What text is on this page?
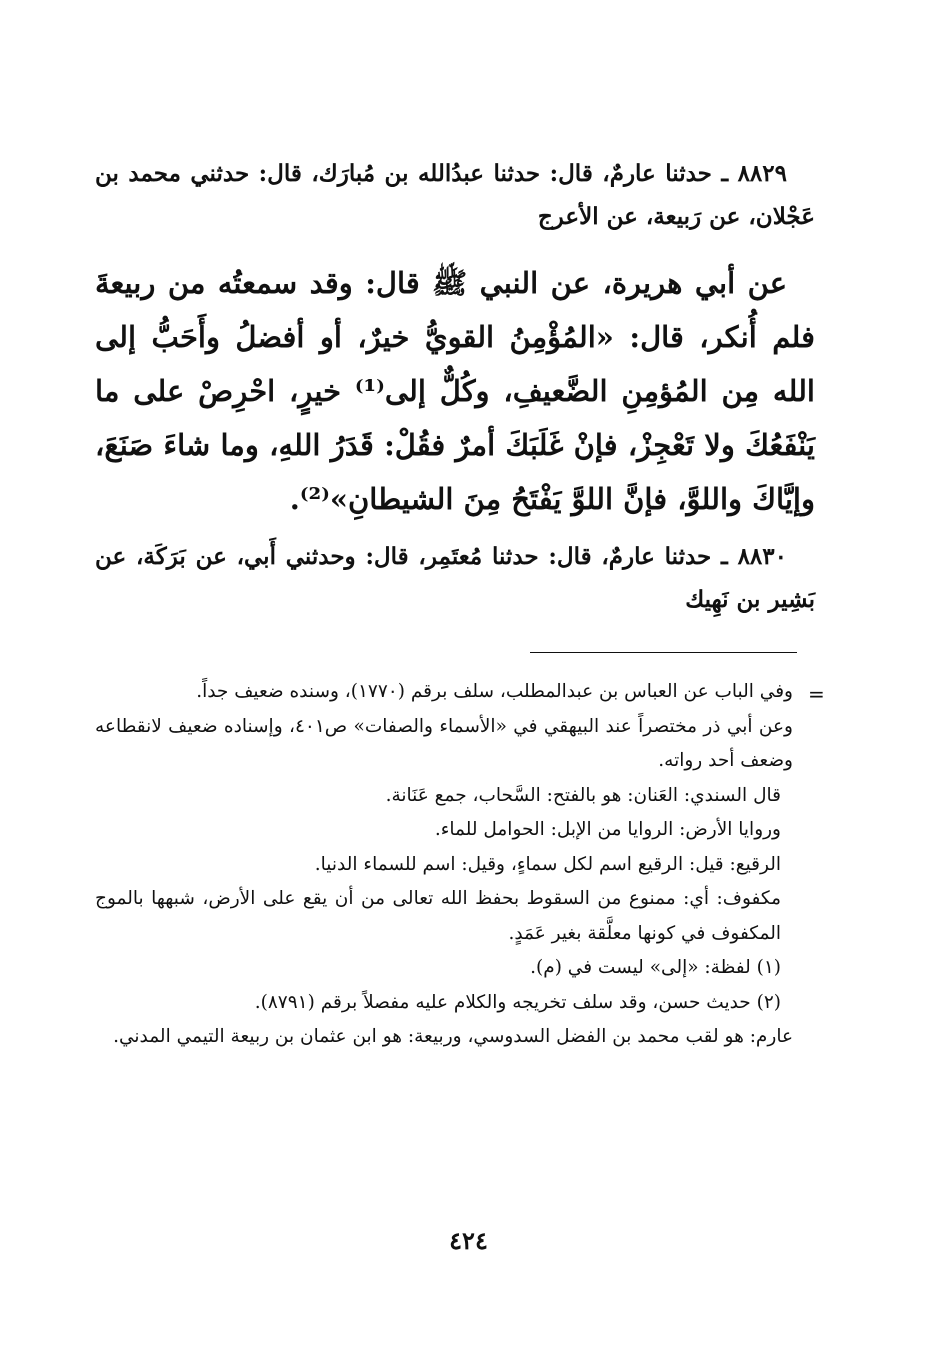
٨٨٢٩ ـ حدثنا عارمٌ، قال: حدثنا عبدُالله بن مُبارَك، قال: حدثني محمد بن عَجْلان، عن رَبيعة، عن الأعرج

عن أبي هريرة، عن النبي ﷺ قال: وقد سمعتُه من ربيعةَ فلم أُنكر، قال: «المُؤْمِنُ القويُّ خيرٌ، أو أفضلُ وأَحَبُّ إلى الله مِن المُؤمِنِ الضَّعيفِ، وكُلٌّ إلى⁽¹⁾ خيرٍ، احْرِصْ على ما يَنْفَعُكَ ولا تَعْجِزْ، فإنْ غَلَبَكَ أمرٌ فقُلْ: قَدَرُ اللهِ، وما شاءَ صَنَعَ، وإيَّاكَ واللوَّ، فإنَّ اللوَّ يَفْتَحُ مِنَ الشيطانِ»⁽²⁾.

٨٨٣٠ ـ حدثنا عارمٌ، قال: حدثنا مُعتَمِر، قال: وحدثني أَبي، عن بَرَكَة، عن بَشِير بن نَهِيك

=

وفي الباب عن العباس بن عبدالمطلب، سلف برقم (١٧٧٠)، وسنده ضعيف جداً.

وعن أبي ذر مختصراً عند البيهقي في «الأسماء والصفات» ص٤٠١، وإسناده ضعيف لانقطاعه وضعف أحد رواته.

قال السندي: العَنان: هو بالفتح: السَّحاب، جمع عَنَانة.

وروايا الأرض: الروايا من الإبل: الحوامل للماء.

الرقيع: قيل: الرقيع اسم لكل سماءٍ، وقيل: اسم للسماء الدنيا.

مكفوف: أي: ممنوع من السقوط بحفظ الله تعالى من أن يقع على الأرض، شبهها بالموج المكفوف في كونها معلَّقة بغير عَمَدٍ.

(١) لفظة: «إلى» ليست في (م).

(٢) حديث حسن، وقد سلف تخريجه والكلام عليه مفصلاً برقم (٨٧٩١).

عارم: هو لقب محمد بن الفضل السدوسي، وربيعة: هو ابن عثمان بن ربيعة التيمي المدني.

٤٢٤
